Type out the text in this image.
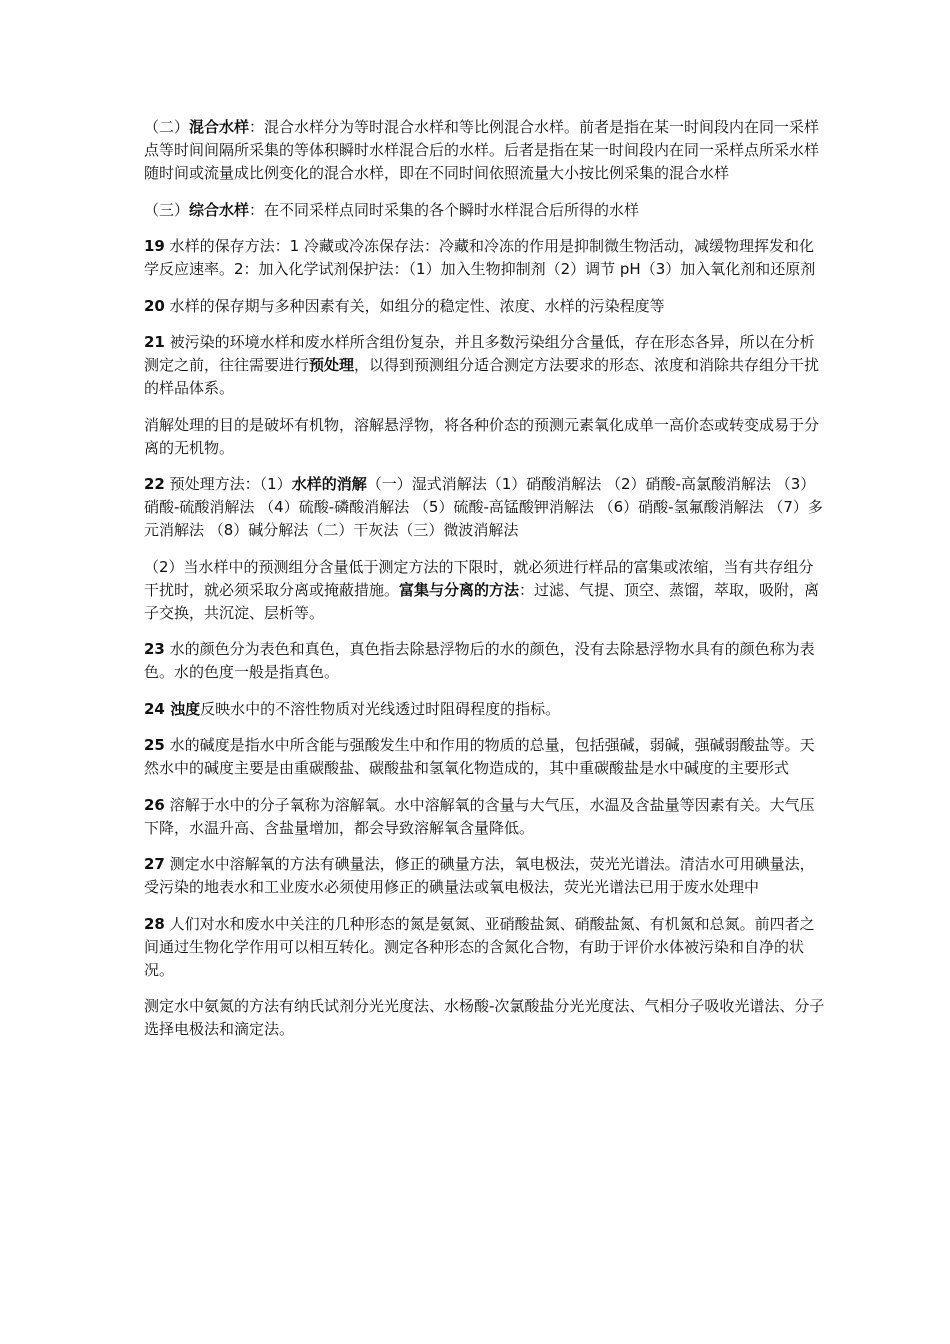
（二）混合水样：混合水样分为等时混合水样和等比例混合水样。前者是指在某一时间段内在同一采样点等时间间隔所采集的等体积瞬时水样混合后的水样。后者是指在某一时间段内在同一采样点所采水样随时间或流量成比例变化的混合水样，即在不同时间依照流量大小按比例采集的混合水样

（三）综合水样：在不同采样点同时采集的各个瞬时水样混合后所得的水样

19 水样的保存方法：1 冷藏或冷冻保存法：冷藏和冷冻的作用是抑制微生物活动，减缓物理挥发和化学反应速率。2：加入化学试剂保护法：（1）加入生物抑制剂（2）调节 pH（3）加入氧化剂和还原剂

20 水样的保存期与多种因素有关，如组分的稳定性、浓度、水样的污染程度等

21 被污染的环境水样和废水样所含组份复杂，并且多数污染组分含量低，存在形态各异，所以在分析测定之前，往往需要进行预处理，以得到预测组分适合测定方法要求的形态、浓度和消除共存组分干扰的样品体系。

消解处理的目的是破坏有机物，溶解悬浮物，将各种价态的预测元素氧化成单一高价态或转变成易于分离的无机物。

22 预处理方法：（1）水样的消解（一）湿式消解法（1）硝酸消解法 （2）硝酸-高氯酸消解法 （3）硝酸-硫酸消解法 （4）硫酸-磷酸消解法 （5）硫酸-高锰酸钾消解法 （6）硝酸-氢氟酸消解法 （7）多元消解法 （8）碱分解法（二）干灰法（三）微波消解法

（2）当水样中的预测组分含量低于测定方法的下限时，就必须进行样品的富集或浓缩，当有共存组分干扰时，就必须采取分离或掩蔽措施。富集与分离的方法：过滤、气提、顶空、蒸馏，萃取，吸附，离子交换，共沉淀、层析等。

23 水的颜色分为表色和真色，真色指去除悬浮物后的水的颜色，没有去除悬浮物水具有的颜色称为表色。水的色度一般是指真色。

24 浊度反映水中的不溶性物质对光线透过时阻碍程度的指标。

25 水的碱度是指水中所含能与强酸发生中和作用的物质的总量，包括强碱，弱碱，强碱弱酸盐等。天然水中的碱度主要是由重碳酸盐、碳酸盐和氢氧化物造成的，其中重碳酸盐是水中碱度的主要形式

26 溶解于水中的分子氧称为溶解氧。水中溶解氧的含量与大气压，水温及含盐量等因素有关。大气压下降，水温升高、含盐量增加，都会导致溶解氧含量降低。

27 测定水中溶解氧的方法有碘量法，修正的碘量方法，氧电极法，荧光光谱法。清洁水可用碘量法，受污染的地表水和工业废水必须使用修正的碘量法或氧电极法，荧光光谱法已用于废水处理中

28 人们对水和废水中关注的几种形态的氮是氨氮、亚硝酸盐氮、硝酸盐氮、有机氮和总氮。前四者之间通过生物化学作用可以相互转化。测定各种形态的含氮化合物，有助于评价水体被污染和自净的状况。

测定水中氨氮的方法有纳氏试剂分光光度法、水杨酸-次氯酸盐分光光度法、气相分子吸收光谱法、分子选择电极法和滴定法。
